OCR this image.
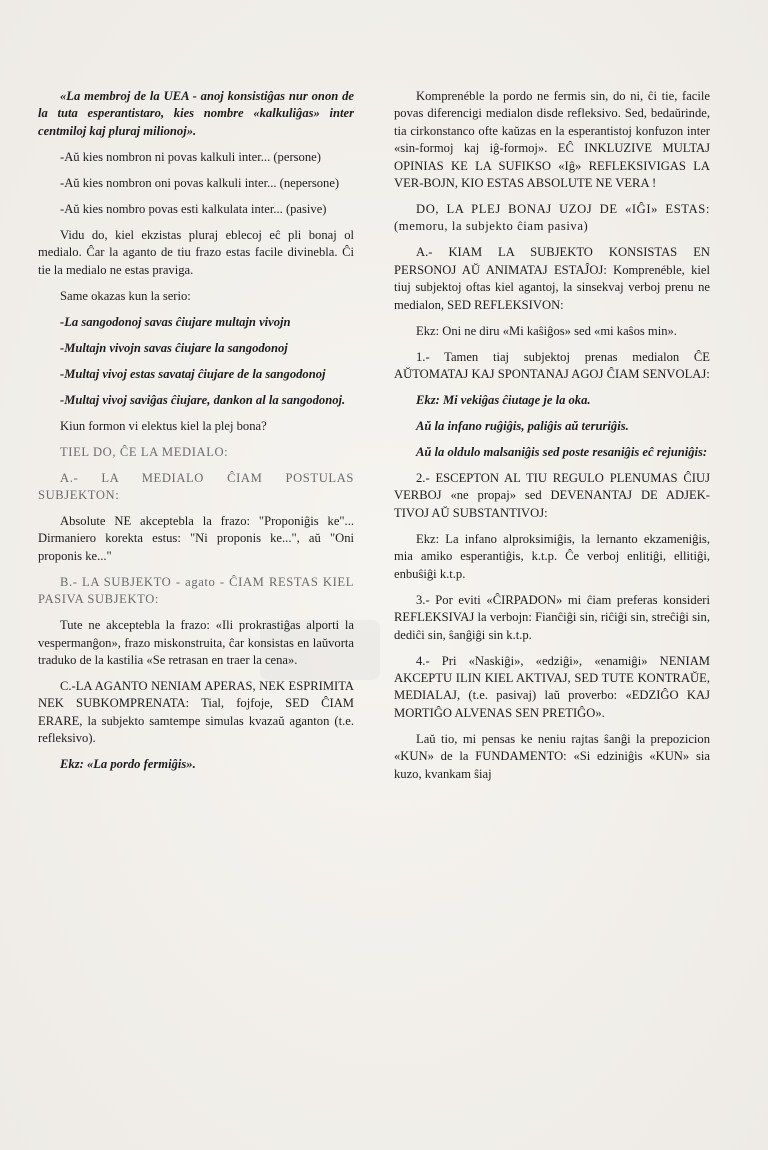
«La membroj de la UEA - anoj konsistiĝas nur onon de la tuta esperantistaro, kies nombre «kalkuliĝas» inter centmiloj kaj pluraj milionoj».

-Aŭ kies nombron ni povas kalkuli inter... (persone)

-Aŭ kies nombron oni povas kalkuli inter... (nepersone)

-Aŭ kies nombro povas esti kalkulata inter... (pasive)

Vidu do, kiel ekzistas pluraj eblecoj eĉ pli bonaj ol medialo. Ĉar la aganto de tiu frazo estas facile divinebla. Ĉi tie la medialo ne estas praviga.

Same okazas kun la serio:

-La sangodonoj savas ĉiujare multajn vivojn

-Multajn vivojn savas ĉiujare la sangodonoj

-Multaj vivoj estas savataj ĉiujare de la sangodonoj

-Multaj vivoj saviĝas ĉiujare, dankon al la sangodonoj.

Kiun formon vi elektus kiel la plej bona?

TIEL DO, ĈE LA MEDIALO:

A.- LA MEDIALO ĈIAM POSTULAS SUBJEKTON:

Absolute NE akceptebla la frazo: "Proponiĝis ke"... Dirmaniero korekta estus: "Ni proponis ke...", aŭ "Oni proponis ke..."

B.- LA SUBJEKTO - agato - ĈIAM RESTAS KIEL PASIVA SUBJEKTO:

Tute ne akceptebla la frazo: «Ili prokrastiĝas alporti la vespermanĝon», frazo miskonstruita, ĉar konsistas en laŭvorta traduko de la kastilia «Se retrasan en traer la cena».

C.-LA AGANTO NENIAM APERAS, NEK ESPRIMITA NEK SUBKOMPRENATA: Tial, fojfoje, SED ĈIAM ERARE, la subjekto samtempe simulas kvazaŭ aganton (t.e. refleksivo).

Ekz: «La pordo fermiĝis».

Komprenéble la pordo ne fermis sin, do ni, ĉi tie, facile povas diferencigi medialon disde refleksivo. Sed, bedaŭrinde, tia cirkonstanco ofte kaŭzas en la esperantistoj konfuzon inter «sin-formoj kaj iĝ-formoj». EĈ INKLUZIVE MULTAJ OPINIAS KE LA SUFIKSO «Iĝ» REFLEKSIVIGAS LA VER-BOJN, KIO ESTAS ABSOLUTE NE VERA !

DO, LA PLEJ BONAJ UZOJ DE «IĜI» ESTAS: (memoru, la subjekto ĉiam pasiva)

A.- KIAM LA SUBJEKTO KONSISTAS EN PERSONOJ AŬ ANIMATAJ ESTAĴOJ: Komprenéble, kiel tiuj subjektoj oftas kiel agantoj, la sinsekvaj verboj prenu ne medialon, SED REFLEKSIVON:

Ekz: Oni ne diru «Mi kaŝiĝos» sed «mi kaŝos min».

1.- Tamen tiaj subjektoj prenas medialon ĈE AŬTOMATAJ KAJ SPONTANAJ AGOJ ĈIAM SENVOLAJ:

Ekz: Mi vekiĝas ĉiutage je la oka.

Aŭ la infano ruĝiĝis, paliĝis aŭ teruriĝis.

Aŭ la oldulo malsaniĝis sed poste resaniĝis eĉ rejuniĝis:

2.- ESCEPTON AL TIU REGULO PLENUMAS ĈIUJ VERBOJ «ne propaj» sed DEVENANTAJ DE ADJEK-TIVOJ AŬ SUBSTANTIVOJ:

Ekz: La infano alproksimiĝis, la lernanto ekzameniĝis, mia amiko esperantiĝis, k.t.p. Ĉe verboj enlitiĝi, ellitiĝi, enbuŝiĝi k.t.p.

3.- Por eviti «ĈIRPADON» mi ĉiam preferas konsideri REFLEKSIVAJ la verbojn: Fianĉiĝi sin, riĉiĝi sin, streĉiĝi sin, dediĉi sin, ŝanĝiĝi sin k.t.p.

4.- Pri «Naskiĝi», «edziĝi», «enamiĝi» NENIAM AKCEPTU ILIN KIEL AKTIVAJ, SED TUTE KONTRAŬE, MEDIALAJ, (t.e. pasivaj) laŭ proverbo: «EDZIĜO KAJ MORTIĜO ALVENAS SEN PRETIĜO».

Laŭ tio, mi pensas ke neniu rajtas ŝanĝi la prepozicion «KUN» de la FUNDAMENTO: «Si edziniĝis «KUN» sia kuzo, kvankam ŝiaj
